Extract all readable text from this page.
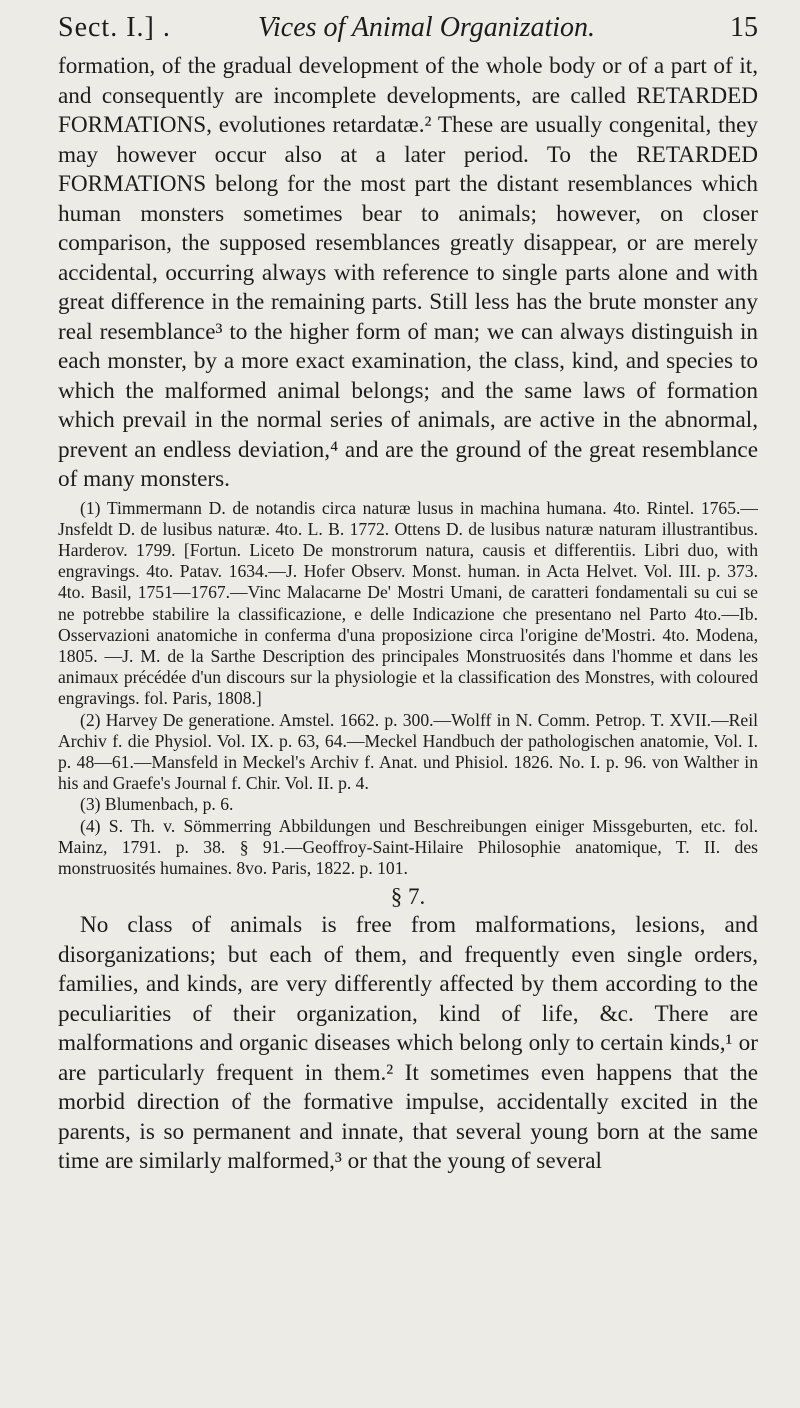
Sect. I.] .	Vices of Animal Organization.	15

formation, of the gradual development of the whole body or of a part of it, and consequently are incomplete developments, are called RETARDED FORMATIONS, evolutiones retardatæ.² These are usually congenital, they may however occur also at a later period. To the RETARDED FORMATIONS belong for the most part the distant resemblances which human monsters sometimes bear to animals; however, on closer comparison, the supposed resemblances greatly disappear, or are merely accidental, occurring always with reference to single parts alone and with great difference in the remaining parts. Still less has the brute monster any real resemblance³ to the higher form of man; we can always distinguish in each monster, by a more exact examination, the class, kind, and species to which the malformed animal belongs; and the same laws of formation which prevail in the normal series of animals, are active in the abnormal, prevent an endless deviation,⁴ and are the ground of the great resemblance of many monsters.

(1) Timmermann D. de notandis circa naturæ lusus in machina humana. 4to. Rintel. 1765.—Jnsfeldt D. de lusibus naturæ. 4to. L. B. 1772. Ottens D. de lusibus naturæ naturam illustrantibus. Harderov. 1799. [Fortun. Liceto De monstrorum natura, causis et differentiis. Libri duo, with engravings. 4to. Patav. 1634.—J. Hofer Observ. Monst. human. in Acta Helvet. Vol. III. p. 373. 4to. Basil, 1751—1767.—Vinc Malacarne De' Mostri Umani, de caratteri fondamentali su cui se ne potrebbe stabilire la classificazione, e delle Indicazione che presentano nel Parto 4to.—Ib. Osservazioni anatomiche in conferma d'una proposizione circa l'origine de'Mostri. 4to. Modena, 1805. —J. M. de la Sarthe Description des principales Monstruosités dans l'homme et dans les animaux précédée d'un discours sur la physiologie et la classification des Monstres, with coloured engravings. fol. Paris, 1808.]

(2) Harvey De generatione. Amstel. 1662. p. 300.—Wolff in N. Comm. Petrop. T. XVII.—Reil Archiv f. die Physiol. Vol. IX. p. 63, 64.—Meckel Handbuch der pathologischen anatomie, Vol. I. p. 48—61.—Mansfeld in Meckel's Archiv f. Anat. und Phisiol. 1826. No. I. p. 96. von Walther in his and Graefe's Journal f. Chir. Vol. II. p. 4.

(3) Blumenbach, p. 6.

(4) S. Th. v. Sömmerring Abbildungen und Beschreibungen einiger Missgeburten, etc. fol. Mainz, 1791. p. 38. § 91.—Geoffroy-Saint-Hilaire Philosophie anatomique, T. II. des monstruosités humaines. 8vo. Paris, 1822. p. 101.

§ 7.

No class of animals is free from malformations, lesions, and disorganizations; but each of them, and frequently even single orders, families, and kinds, are very differently affected by them according to the peculiarities of their organization, kind of life, &c. There are malformations and organic diseases which belong only to certain kinds,¹ or are particularly frequent in them.² It sometimes even happens that the morbid direction of the formative impulse, accidentally excited in the parents, is so permanent and innate, that several young born at the same time are similarly malformed,³ or that the young of several
